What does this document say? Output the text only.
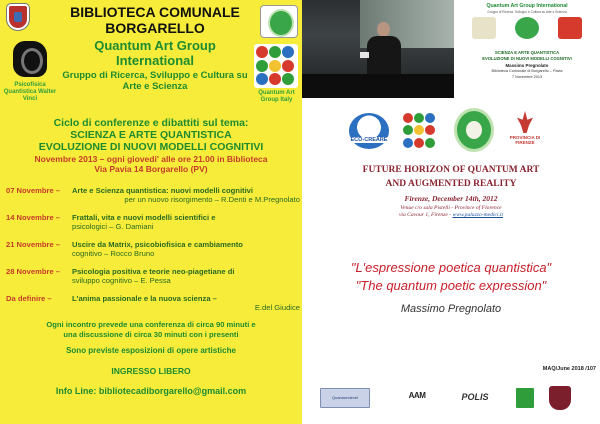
Psicofisica Quantistica Walter Vinci
Quantum Art Group Italy
BIBLIOTECA COMUNALE BORGARELLO
Quantum Art Group International
Gruppo di Ricerca, Sviluppo e Cultura su Arte e Scienza
Ciclo di conferenze e dibattiti sul tema:
SCIENZA E ARTE QUANTISTICA
EVOLUZIONE DI NUOVI MODELLI COGNITIVI
Novembre 2013 – ogni giovedi' alle ore 21.00 in Biblioteca
Via Pavia 14 Borgarello (PV)
07 Novembre –	Arte e Scienza quantistica: nuovi modelli cognitivi
per un nuovo risorgimento – R.Denti e M.Pregnolato
14 Novembre –	Frattali, vita e nuovi modelli scientifici e
psicologici – G. Damiani
21 Novembre –	Uscire da Matrix, psicobiofisica e cambiamento
cognitivo – Rocco Bruno
28 Novembre –	Psicologia positiva e teorie neo-piagetiane di
sviluppo cognitivo – E. Pessa
Da definire –	L'anima passionale e la nuova scienza –
E.del Giudice
Ogni incontro prevede una conferenza di circa 90 minuti e
una discussione di circa 30 minuti con i presenti
Sono previste esposizioni di opere artistiche
INGRESSO LIBERO
Info Line: bibliotecadiborgarello@gmail.com
Quantum Art Group International
Gruppo di Ricerca, Sviluppo e Cultura su Arte e Scienza
SCIENZA E ARTE QUANTISTICA
EVOLUZIONE DI NUOVI MODELLI COGNITIVI
Massimo Pregnolato
Biblioteca Comunale di Borgarello – Pavia
7 Novembre 2013
ECO-CREARE	PROVINCIA DI FIRENZE
FUTURE HORIZON OF QUANTUM ART
AND AUGMENTED REALITY
Firenze, December 14th, 2012
Venue c/o sala Pistelli - Province of Florence
via Cavour 1, Firenze - www.palazzo-medici.it
"L'espressione poetica quantistica"
"The quantum poetic expression"
Massimo Pregnolato
MAQ/June 2018 /107
Quantumdevel	AAM	POLIS
